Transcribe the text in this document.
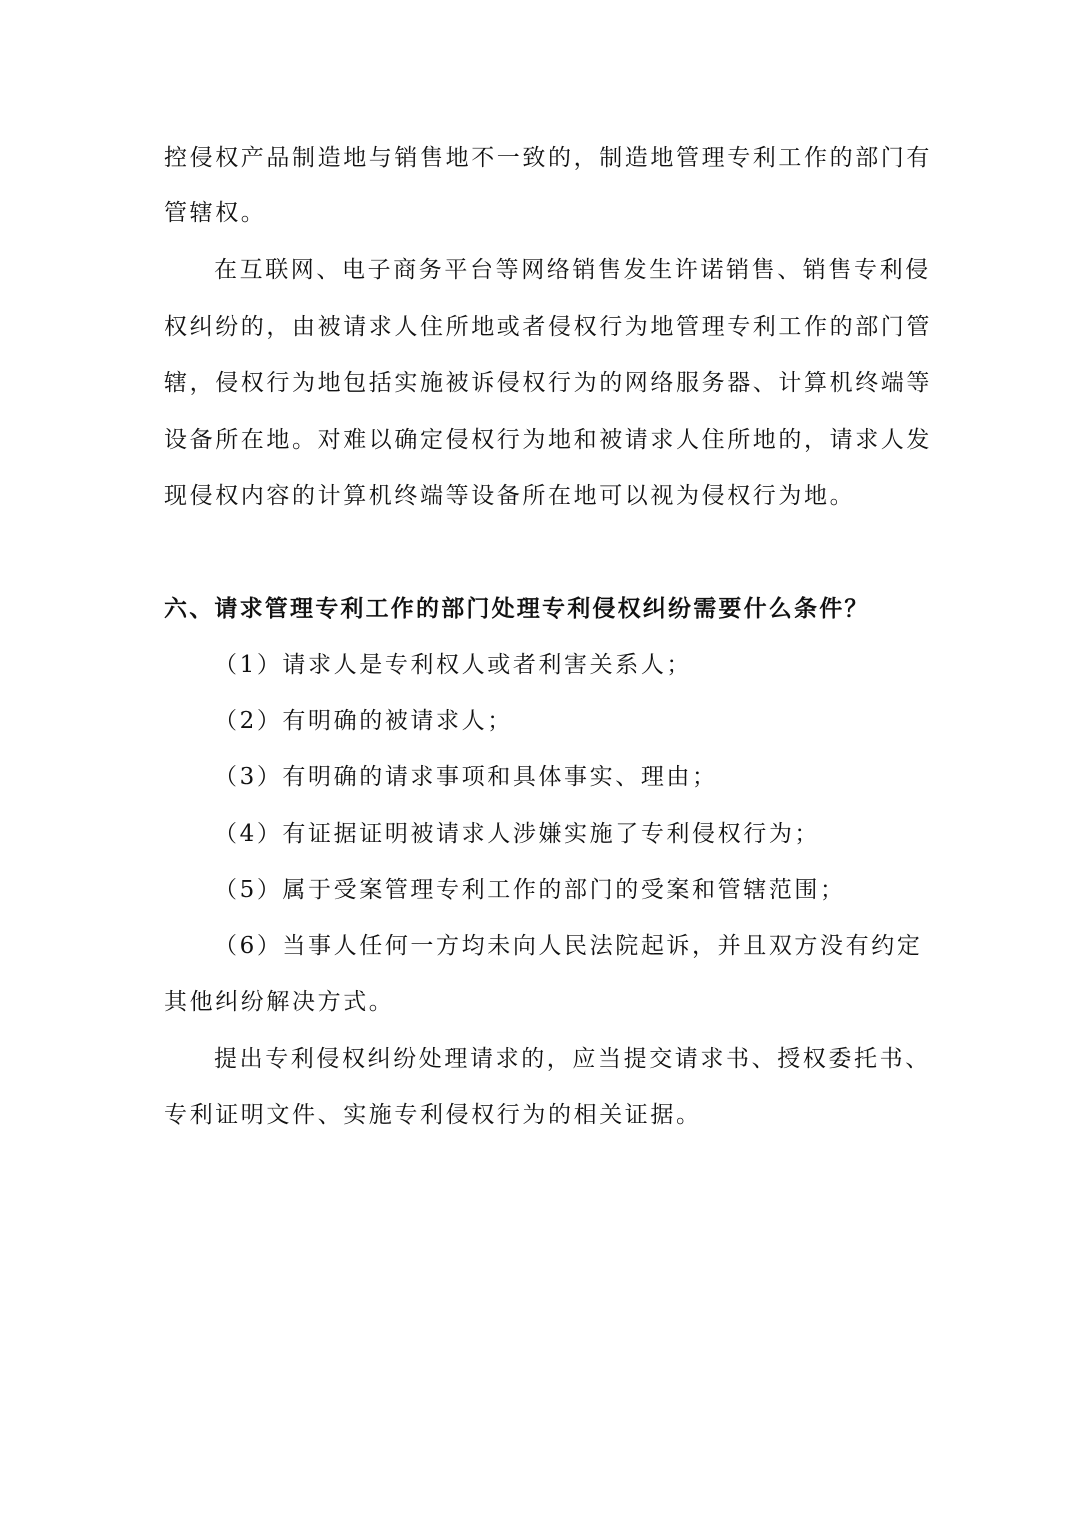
控侵权产品制造地与销售地不一致的，制造地管理专利工作的部门有
管辖权。
在互联网、电子商务平台等网络销售发生许诺销售、销售专利侵
权纠纷的，由被请求人住所地或者侵权行为地管理专利工作的部门管
辖，侵权行为地包括实施被诉侵权行为的网络服务器、计算机终端等
设备所在地。对难以确定侵权行为地和被请求人住所地的，请求人发
现侵权内容的计算机终端等设备所在地可以视为侵权行为地。
六、请求管理专利工作的部门处理专利侵权纠纷需要什么条件？
（1）请求人是专利权人或者利害关系人；
（2）有明确的被请求人；
（3）有明确的请求事项和具体事实、理由；
（4）有证据证明被请求人涉嫌实施了专利侵权行为；
（5）属于受案管理专利工作的部门的受案和管辖范围；
（6）当事人任何一方均未向人民法院起诉，并且双方没有约定
其他纠纷解决方式。
提出专利侵权纠纷处理请求的，应当提交请求书、授权委托书、
专利证明文件、实施专利侵权行为的相关证据。
